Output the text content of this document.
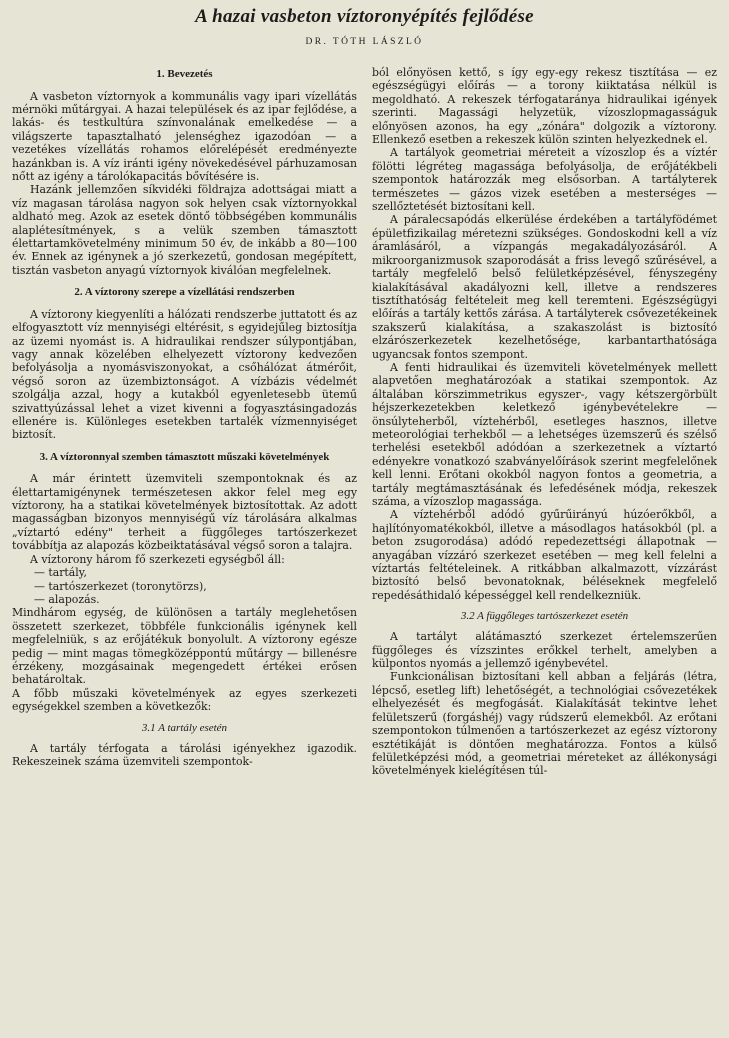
A hazai vasbeton víztoronyépítés fejlődése
DR. TÓTH LÁSZLÓ
1. Bevezetés

A vasbeton víztornyok a kommunális vagy ipari vízellátás mérnöki műtárgyai. A hazai települések és az ipar fejlődése, a lakás- és testkultúra színvonalának emelkedése — a világszerte tapasztalható jelenséghez igazodóan — a vezetékes vízellátás rohamos előrelépését eredményezte hazánkban is. A víz iránti igény növekedésével párhuzamosan nőtt az igény a tárolókapacitás bővítésére is.

Hazánk jellemzően síkvidéki földrajza adottságai miatt a víz magasan tárolása nagyon sok helyen csak víztornyokkal aldható meg. Azok az esetek döntő többségében kommunális alaplétesítmények, s a velük szemben támasztott élettartamkövetelmény minimum 50 év, de inkább a 80—100 év. Ennek az igénynek a jó szerkezetű, gondosan megépített, tisztán vasbeton anyagú víztornyok kiválóan megfelelnek.

2. A víztorony szerepe a vízellátási rendszerben

A víztorony kiegyenlíti a hálózati rendszerbe juttatott és az elfogyasztott víz mennyiségi eltérésit, s egyidejűleg biztosítja az üzemi nyomást is. A hidraulikai rendszer súlypontjában, vagy annak közelében elhelyezett víztorony kedvezően befolyásolja a nyomásviszonyokat, a csőhálózat átmérőit, végső soron az üzembiztonságot. A vízbázis védelmét szolgálja azzal, hogy a kutakból egyenletesebb ütemű szivattyúzással lehet a vizet kivenni a fogyasztásingadozás ellenére is. Különleges esetekben tartalék vízmennyiséget biztosít.

3. A víztoronnyal szemben támasztott műszaki követelmények

A már érintett üzemviteli szempontoknak és az élettartamigénynek természetesen akkor felel meg egy víztorony, ha a statikai követelmények biztosítottak. Az adott magasságban bizonyos mennyiségű víz tárolására alkalmas „víztartó edény" terheit a függőleges tartószerkezet továbbítja az alapozás közbeiktatásával végső soron a talajra.

A víztorony három fő szerkezeti egységből áll:

— tartály,
— tartószerkezet (toronytörzs),
— alapozás.

Mindhárom egység, de különösen a tartály meglehetősen összetett szerkezet, többféle funkcionális igénynek kell megfelelniük, s az erőjátékuk bonyolult. A víztorony egésze pedig — mint magas tömegközéppontú műtárgy — billenésre érzékeny, mozgásainak megengedett értékei erősen behatároltak.

A főbb műszaki követelmények az egyes szerkezeti egységekkel szemben a következők:

3.1 A tartály esetén

A tartály térfogata a tárolási igényekhez igazodik. Rekeszeinek száma üzemviteli szempontok-

ból előnyösen kettő, s így egy-egy rekesz tisztítása — ez egészségügyi előírás — a torony kiiktatása nélkül is megoldható. A rekeszek térfogataránya hidraulikai igények szerinti. Magassági helyzetük, vízoszlopmagasságuk előnyösen azonos, ha egy „zónára" dolgozik a víztorony. Ellenkező esetben a rekeszek külön szinten helyezkednek el.

A tartályok geometriai méreteit a vízoszlop és a víztér fölötti légréteg magassága befolyásolja, de erőjátékbeli szempontok határozzák meg elsősorban. A tartályterek természetes — gázos vizek esetében a mesterséges — szellőztetését biztosítani kell.

A páralecsapódás elkerülése érdekében a tartályfödémet épületfizikailag méretezni szükséges. Gondoskodni kell a víz áramlásáról, a vízpangás megakadályozásáról. A mikroorganizmusok szaporodását a friss levegő szűrésével, a tartály megfelelő belső felületképzésével, fényszegény kialakításával akadályozni kell, illetve a rendszeres tisztíthatóság feltételeit meg kell teremteni. Egészségügyi előírás a tartály kettős zárása. A tartályterek csővezetékeinek szakszerű kialakítása, a szakaszolást is biztosító elzárószerkezetek kezelhetősége, karbantarthatósága ugyancsak fontos szempont.

A fenti hidraulikai és üzemviteli követelmények mellett alapvetően meghatározóak a statikai szempontok. Az általában körszimmetrikus egyszer-, vagy kétszergörbült héjszerkezetekben keletkező igénybevételekre — önsúlyteherből, víztehérből, esetleges hasznos, illetve meteorológiai terhekből — a lehetséges üzemszerű és szélső terhelési esetekből adódóan a szerkezetnek a víztartó edényekre vonatkozó szabványelőírások szerint megfelelőnek kell lenni. Erőtani okokból nagyon fontos a geometria, a tartály megtámasztásának és lefedésének módja, rekeszek száma, a vízoszlop magassága.

A víztehérből adódó gyűrűirányú húzóerőkből, a hajlítónyomatékokból, illetve a másodlagos hatásokból (pl. a beton zsugorodása) adódó repedezettségi állapotnak — anyagában vízzáró szerkezet esetében — meg kell felelni a víztartás feltételeinek. A ritkábban alkalmazott, vízzárást biztosító belső bevonatoknak, béléseknek megfelelő repedésáthidaló képességgel kell rendelkezniük.

3.2 A függőleges tartószerkezet esetén

A tartályt alátámasztó szerkezet értelemszerűen függőleges és vízszintes erőkkel terhelt, amelyben a külpontos nyomás a jellemző igénybevétel.

Funkcionálisan biztosítani kell abban a feljárás (létra, lépcső, esetleg lift) lehetőségét, a technológiai csővezetékek elhelyezését és megfogását. Kialakítását tekintve lehet felületszerű (forgáshéj) vagy rúdszerű elemekből. Az erőtani szempontokon túlmenően a tartószerkezet az egész víztorony esztétikáját is döntően meghatározza. Fontos a külső felületképzési mód, a geometriai méreteket az állékonysági követelmények kielégítésen túl-
